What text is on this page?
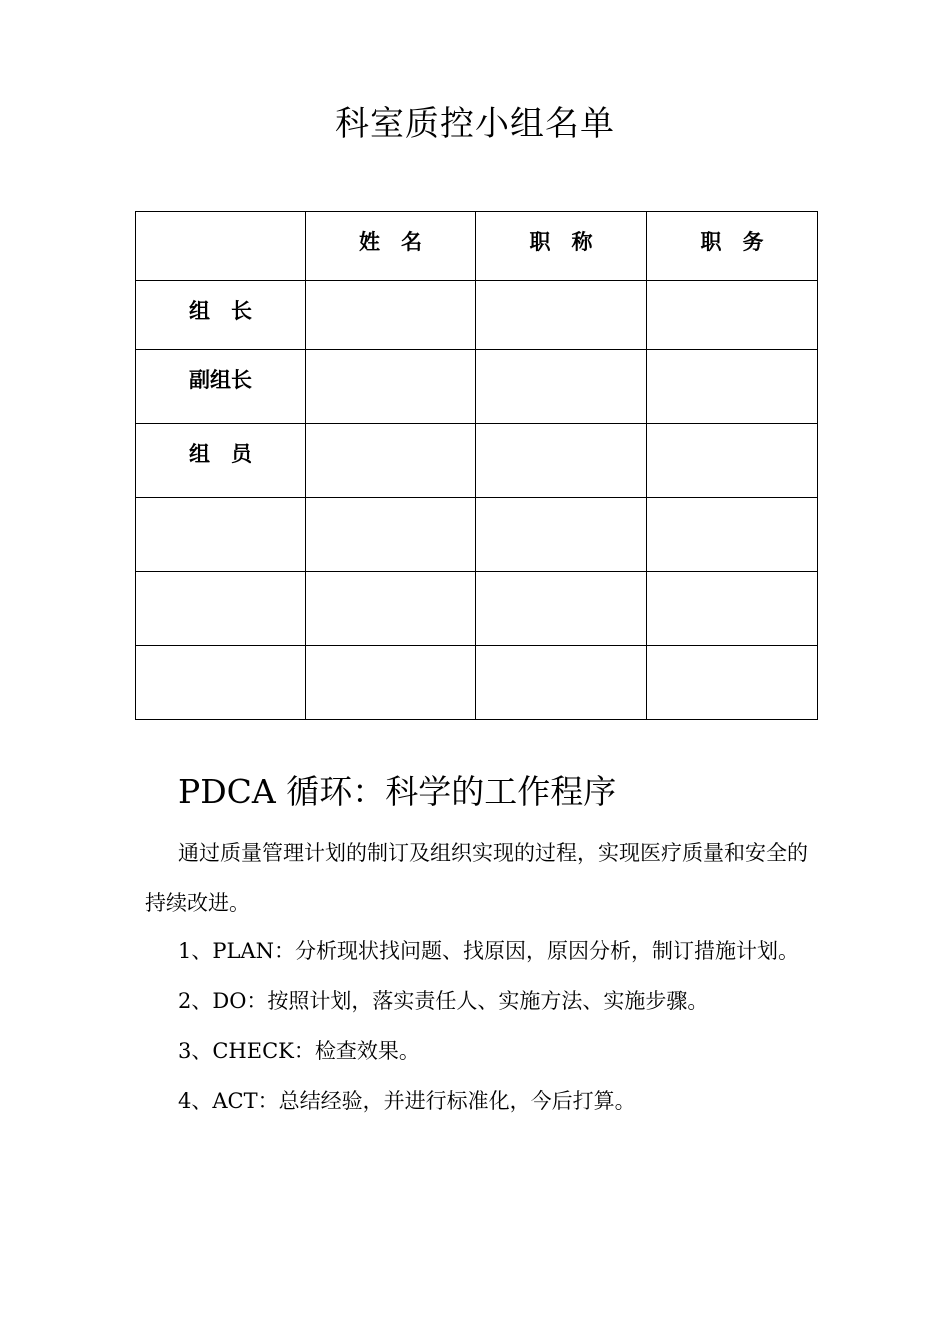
科室质控小组名单

	姓　名	职　称	职　务

组　长			

副组长			

组　员			

PDCA 循环：科学的工作程序
通过质量管理计划的制订及组织实现的过程，实现医疗质量和安全的持续改进。
1、PLAN：分析现状找问题、找原因，原因分析，制订措施计划。
2、DO：按照计划，落实责任人、实施方法、实施步骤。
3、CHECK：检查效果。
4、ACT：总结经验，并进行标准化，今后打算。
